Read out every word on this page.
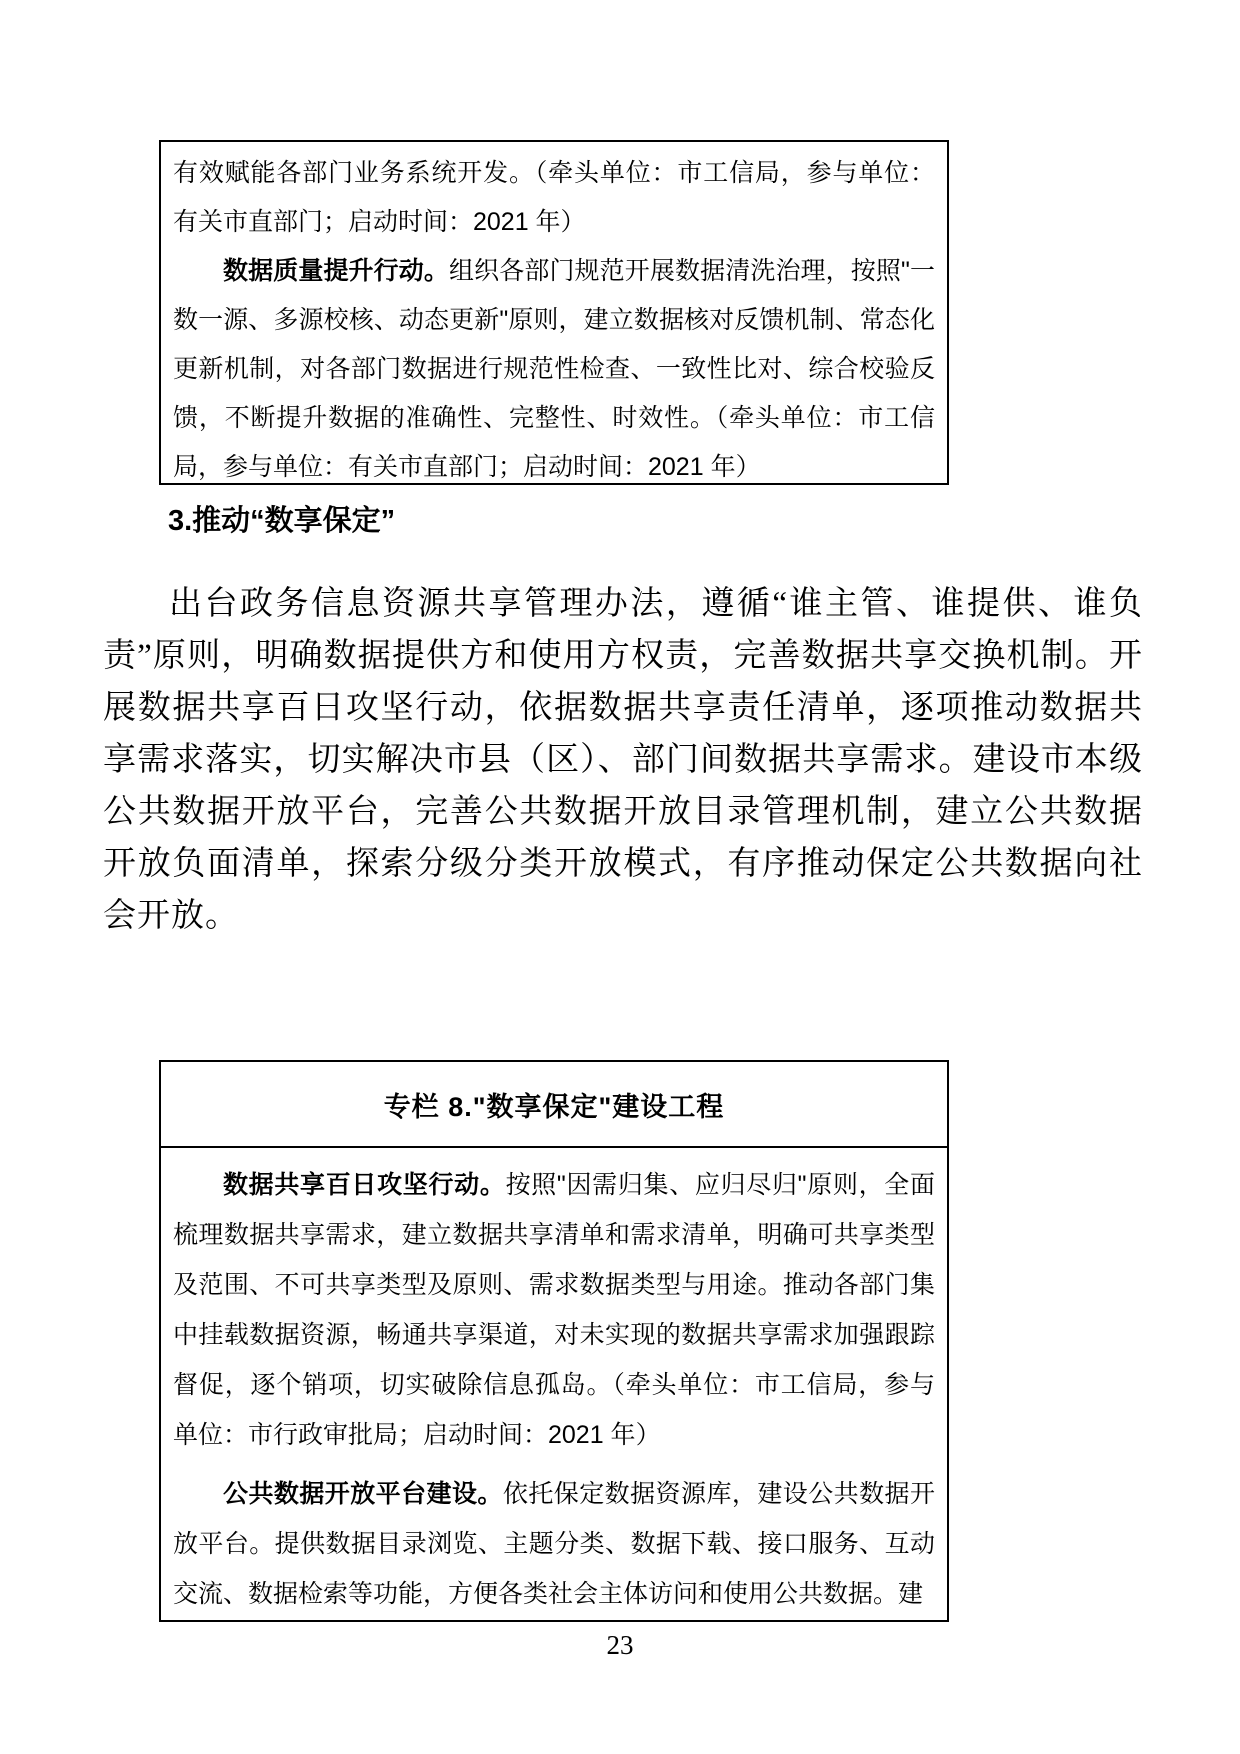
有效赋能各部门业务系统开发。（牵头单位：市工信局，参与单位：有关市直部门；启动时间：2021 年）

数据质量提升行动。组织各部门规范开展数据清洗治理，按照"一数一源、多源校核、动态更新"原则，建立数据核对反馈机制、常态化更新机制，对各部门数据进行规范性检查、一致性比对、综合校验反馈，不断提升数据的准确性、完整性、时效性。（牵头单位：市工信局，参与单位：有关市直部门；启动时间：2021 年）

3.推动“数享保定”
出台政务信息资源共享管理办法，遵循“谁主管、谁提供、谁负责”原则，明确数据提供方和使用方权责，完善数据共享交换机制。开展数据共享百日攻坚行动，依据数据共享责任清单，逐项推动数据共享需求落实，切实解决市县（区）、部门间数据共享需求。建设市本级公共数据开放平台，完善公共数据开放目录管理机制，建立公共数据开放负面清单，探索分级分类开放模式，有序推动保定公共数据向社会开放。
专栏 8."数享保定"建设工程

数据共享百日攻坚行动。按照"因需归集、应归尽归"原则，全面梳理数据共享需求，建立数据共享清单和需求清单，明确可共享类型及范围、不可共享类型及原则、需求数据类型与用途。推动各部门集中挂载数据资源，畅通共享渠道，对未实现的数据共享需求加强跟踪督促，逐个销项，切实破除信息孤岛。（牵头单位：市工信局，参与单位：市行政审批局；启动时间：2021 年）

公共数据开放平台建设。依托保定数据资源库，建设公共数据开放平台。提供数据目录浏览、主题分类、数据下载、接口服务、互动交流、数据检索等功能，方便各类社会主体访问和使用公共数据。建

23
